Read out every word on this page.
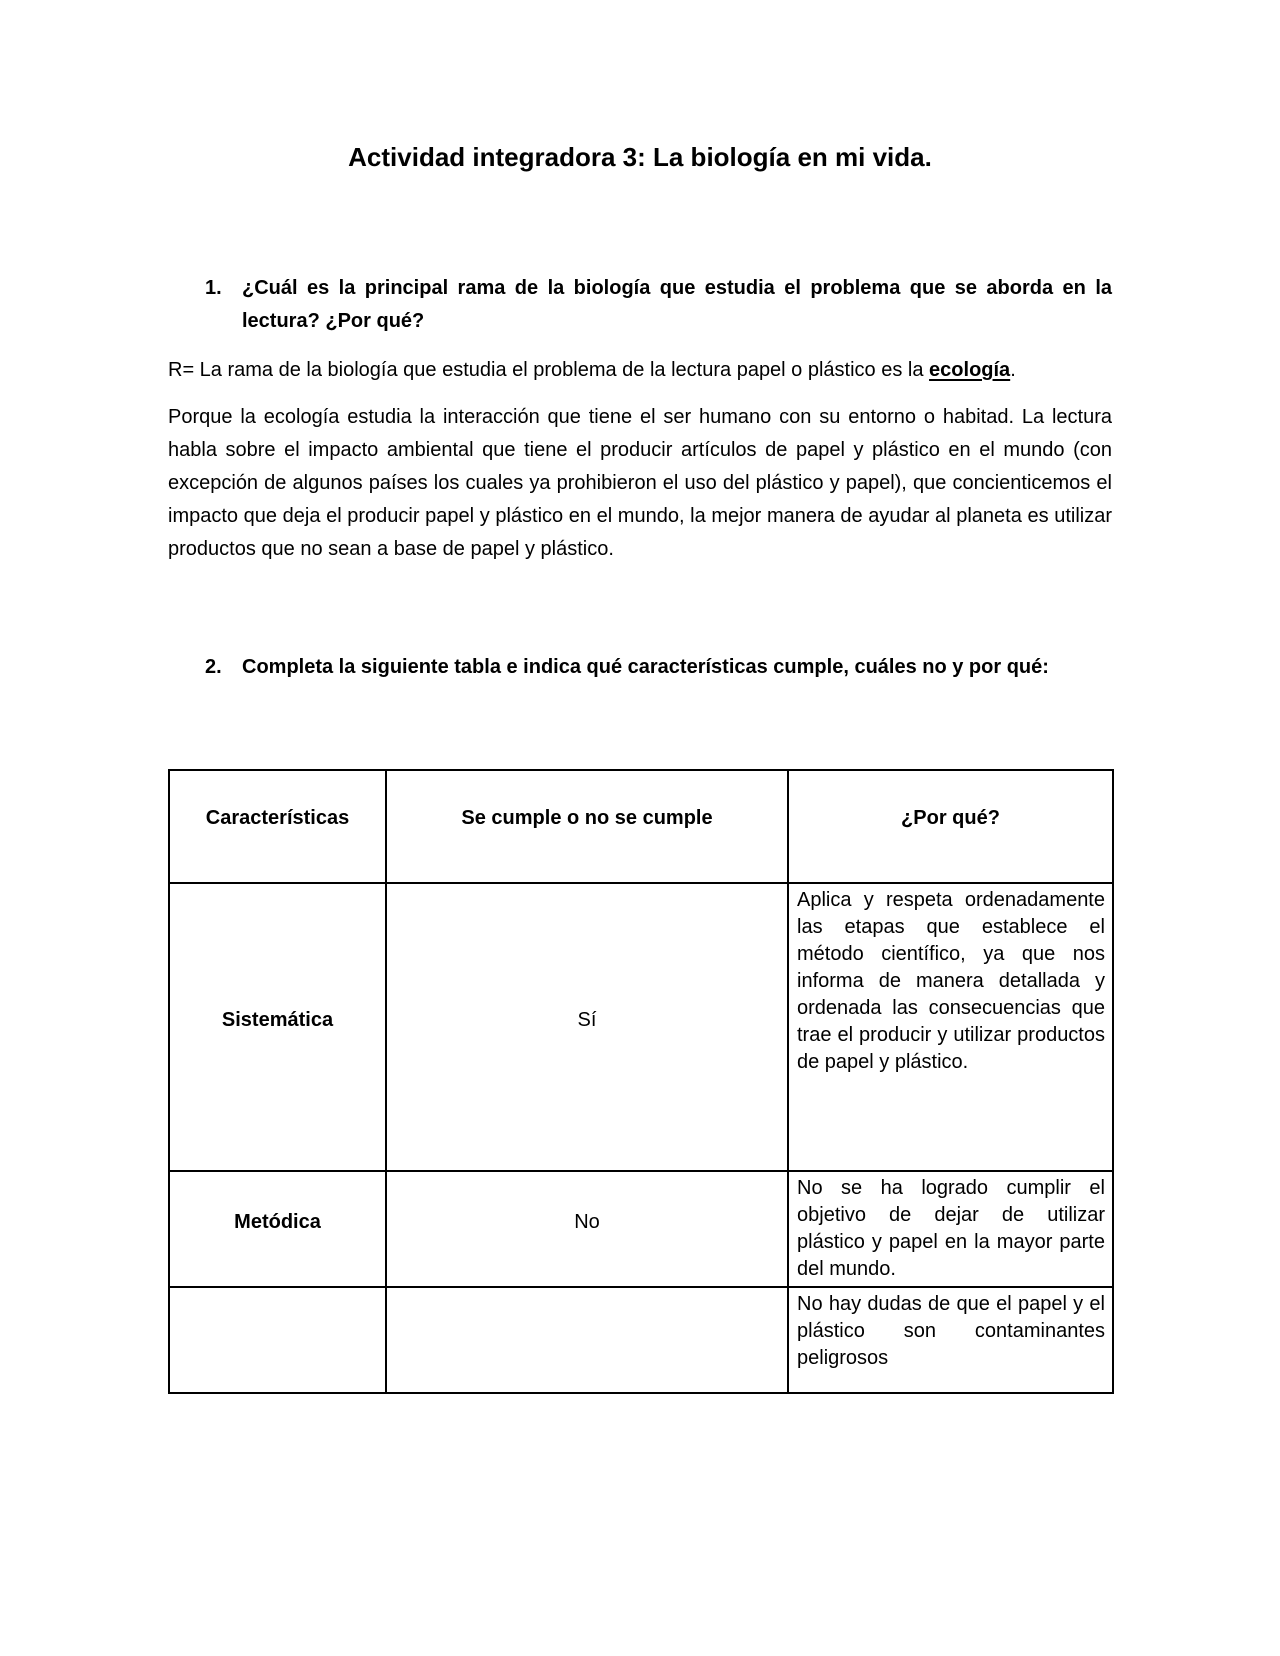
Actividad integradora 3: La biología en mi vida.
1.	¿Cuál es la principal rama de la biología que estudia el problema que se aborda en la lectura? ¿Por qué?

R= La rama de la biología que estudia el problema de la lectura papel o plástico es la ecología.

Porque la ecología estudia la interacción que tiene el ser humano con su entorno o habitad. La lectura habla sobre el impacto ambiental que tiene el producir artículos de papel y plástico en el mundo (con excepción de algunos países los cuales ya prohibieron el uso del plástico y papel), que concienticemos el impacto que deja el producir papel y plástico en el mundo, la mejor manera de ayudar al planeta es utilizar productos que no sean a base de papel y plástico.

2.	Completa la siguiente tabla e indica qué características cumple, cuáles no y por qué:
Características	Se cumple o no se cumple	¿Por qué?
Sistemática	Sí	Aplica y respeta ordenadamente las etapas que establece el método científico, ya que nos informa de manera detallada y ordenada las consecuencias que trae el producir y utilizar productos de papel y plástico.
Metódica	No	No se ha logrado cumplir el objetivo de dejar de utilizar plástico y papel en la mayor parte del mundo.
		No hay dudas de que el papel y el plástico son contaminantes peligrosos
